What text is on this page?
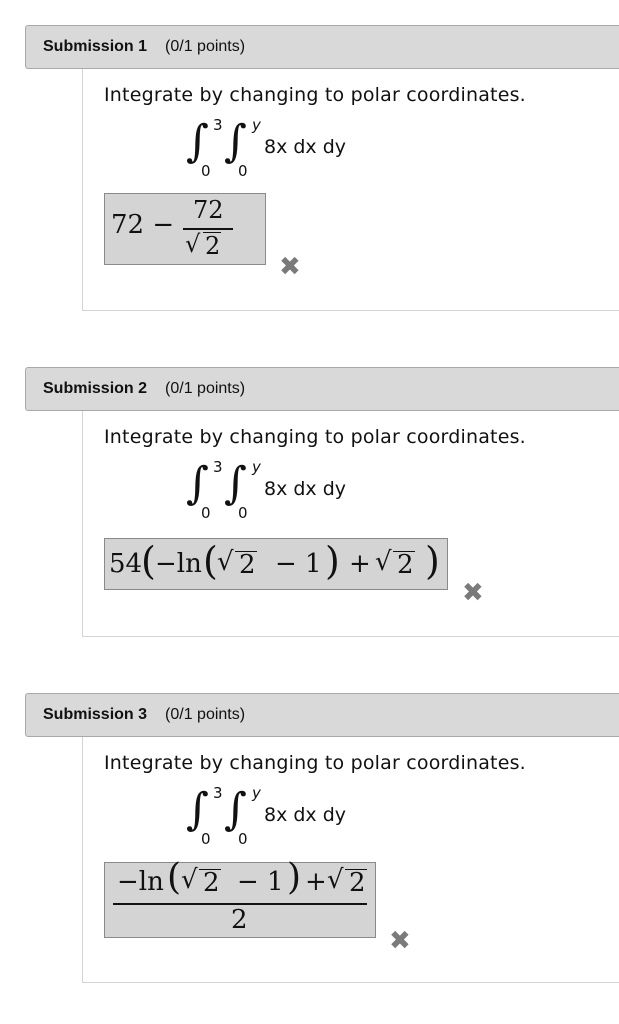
Submission 1 (0/1 points)
Integrate by changing to polar coordinates.
∫ 3
0
∫ y
0
8x dx dy
72 − 72
√ 2
✖
Submission 2 (0/1 points)
Integrate by changing to polar coordinates.
∫ 3
0
∫ y
0
8x dx dy
54
( −ln ( √ 2 − 1 ) + √ 2 )
✖
Submission 3 (0/1 points)
Integrate by changing to polar coordinates.
∫ 3
0
∫ y
0
8x dx dy
−ln ( √ 2 − 1 ) + √ 2
2
✖
